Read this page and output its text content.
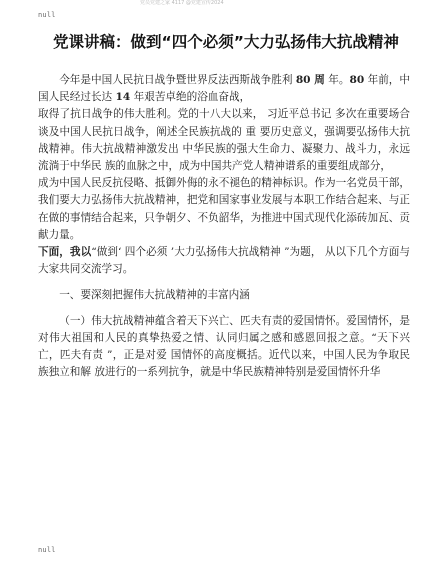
党员党建之家 4117 @党建宣传2024
null
党课讲稿：做到“四个必须”大力弘扬伟大抗战精神

今年是中国人民抗日战争暨世界反法西斯战争胜利 80 周 年。80 年前，中国人民经过长达 14 年艰苦卓绝的浴血奋战，

取得了抗日战争的伟大胜利。党的十八大以来， 习近平总书记 多次在重要场合谈及中国人民抗日战争，阐述全民族抗战的 重 要历史意义，强调要弘扬伟大抗战精神。伟大抗战精神激发出 中华民族的强大生命力、凝聚力、战斗力，永远流淌于中华民 族的血脉之中，成为中国共产党人精神谱系的重要组成部分，

成为中国人民反抗侵略、抵御外侮的永不褪色的精神标识。作为一名党员干部，我们要大力弘扬伟大抗战精神，把党和国家事业发展与本职工作结合起来、与正在做的事情结合起来，只争朝夕、不负韶华，为推进中国式现代化添砖加瓦、贡献力量。

下面，我以“做到‘ 四个必须 ’大力弘扬伟大抗战精神 ”为题， 从以下几个方面与大家共同交流学习。

一、要深刻把握伟大抗战精神的丰富内涵

（一）伟大抗战精神蕴含着天下兴亡、匹夫有责的爱国情怀。爱国情怀，是对伟大祖国和人民的真挚热爱之情、认同归属之感和感恩回报之意。“天下兴亡，匹夫有责 ”，正是对爱 国情怀的高度概括。近代以来，中国人民为争取民族独立和解 放进行的一系列抗争，就是中华民族精神特别是爱国情怀升华

null
